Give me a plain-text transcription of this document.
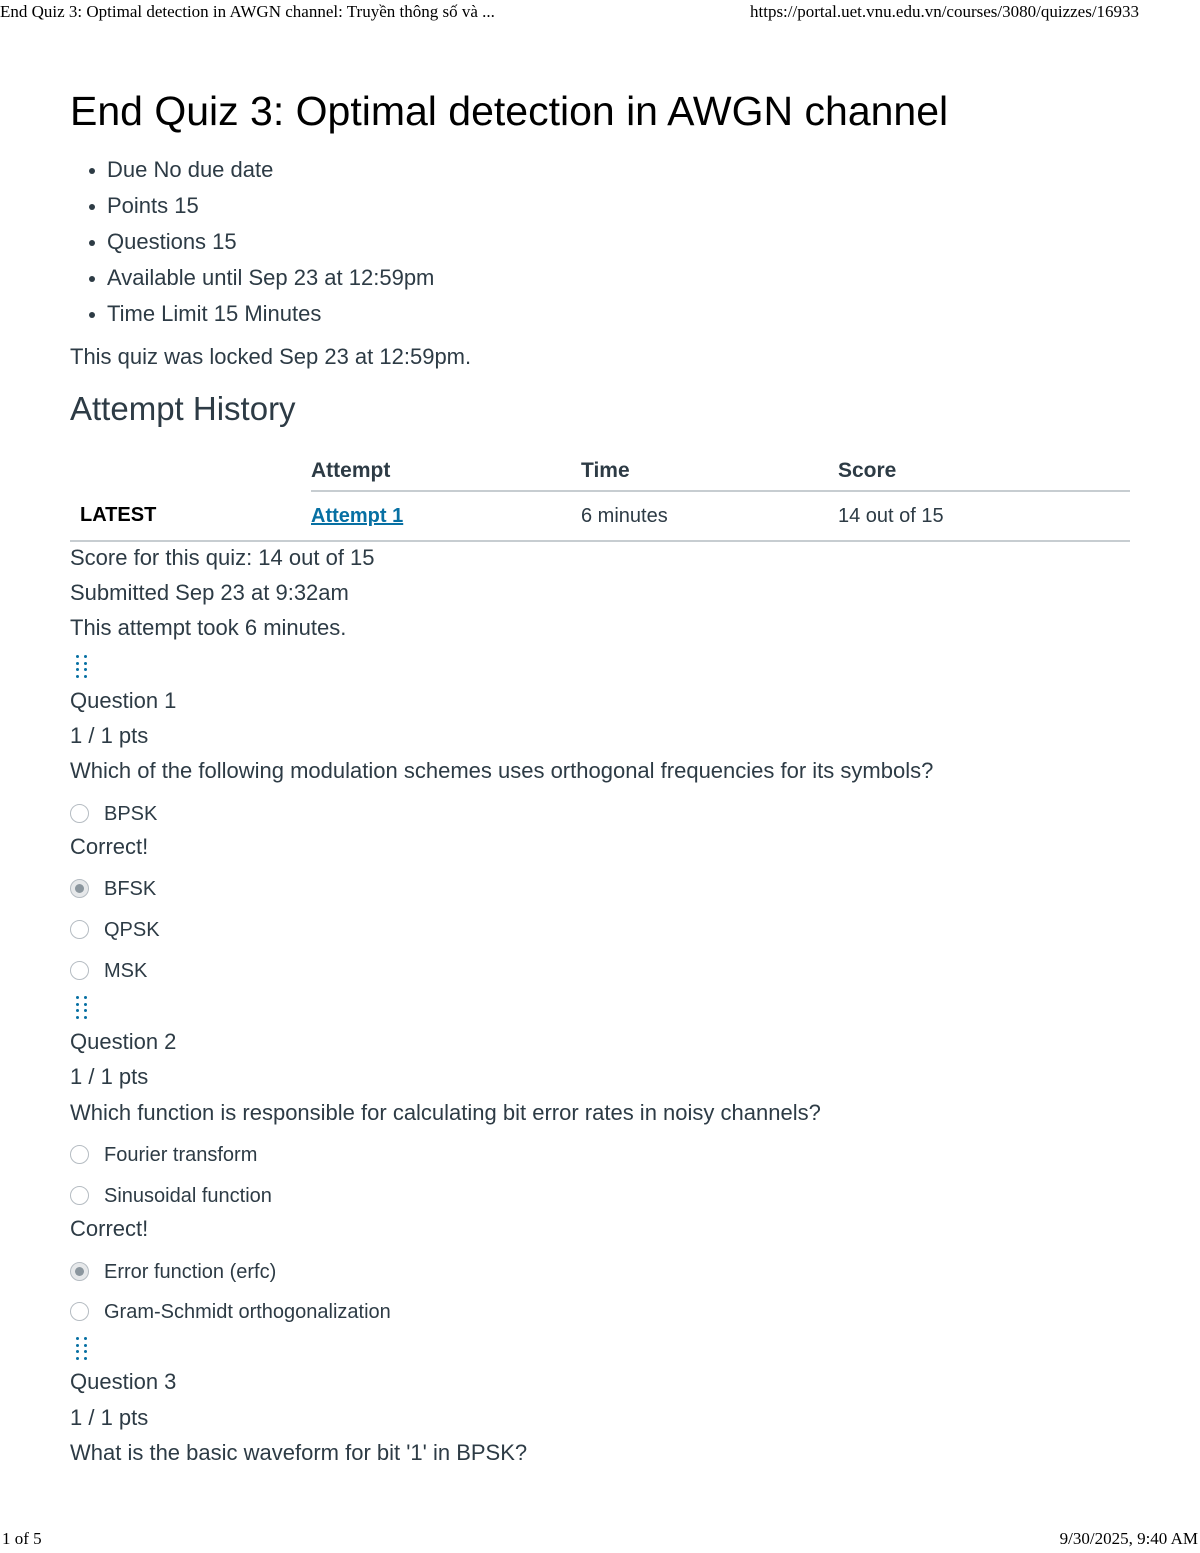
End Quiz 3: Optimal detection in AWGN channel: Truyền thông số và ...	https://portal.uet.vnu.edu.vn/courses/3080/quizzes/16933
End Quiz 3: Optimal detection in AWGN channel
Due No due date
Points 15
Questions 15
Available until Sep 23 at 12:59pm
Time Limit 15 Minutes
This quiz was locked Sep 23 at 12:59pm.
Attempt History
	Attempt	Time	Score
LATEST	Attempt 1	6 minutes	14 out of 15
Score for this quiz: 14 out of 15
Submitted Sep 23 at 9:32am
This attempt took 6 minutes.
Question 1
1 / 1 pts
Which of the following modulation schemes uses orthogonal frequencies for its symbols?
BPSK
Correct!
BFSK
QPSK
MSK
Question 2
1 / 1 pts
Which function is responsible for calculating bit error rates in noisy channels?
Fourier transform
Sinusoidal function
Correct!
Error function (erfc)
Gram-Schmidt orthogonalization
Question 3
1 / 1 pts
What is the basic waveform for bit '1' in BPSK?
1 of 5	9/30/2025, 9:40 AM
